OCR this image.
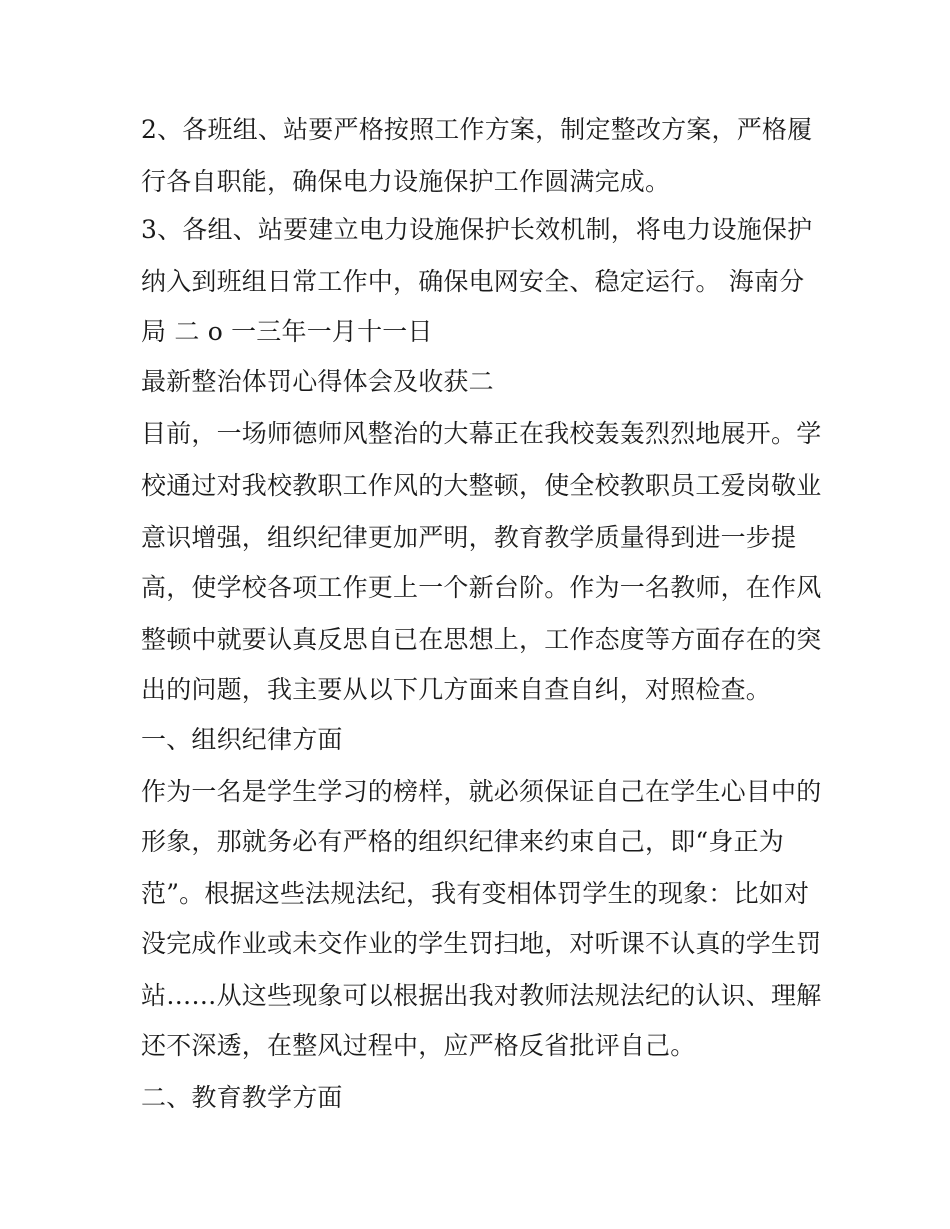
2、各班组、站要严格按照工作方案，制定整改方案，严格履
行各自职能，确保电力设施保护工作圆满完成。
3、各组、站要建立电力设施保护长效机制，将电力设施保护
纳入到班组日常工作中，确保电网安全、稳定运行。 海南分
局 二 o 一三年一月十一日
最新整治体罚心得体会及收获二
目前，一场师德师风整治的大幕正在我校轰轰烈烈地展开。学
校通过对我校教职工作风的大整顿，使全校教职员工爱岗敬业
意识增强，组织纪律更加严明，教育教学质量得到进一步提
高，使学校各项工作更上一个新台阶。作为一名教师，在作风
整顿中就要认真反思自已在思想上，工作态度等方面存在的突
出的问题，我主要从以下几方面来自查自纠，对照检查。
一、组织纪律方面
作为一名是学生学习的榜样，就必须保证自己在学生心目中的
形象，那就务必有严格的组织纪律来约束自己，即“身正为
范”。根据这些法规法纪，我有变相体罚学生的现象：比如对
没完成作业或未交作业的学生罚扫地，对听课不认真的学生罚
站……从这些现象可以根据出我对教师法规法纪的认识、理解
还不深透，在整风过程中，应严格反省批评自己。
二、教育教学方面
